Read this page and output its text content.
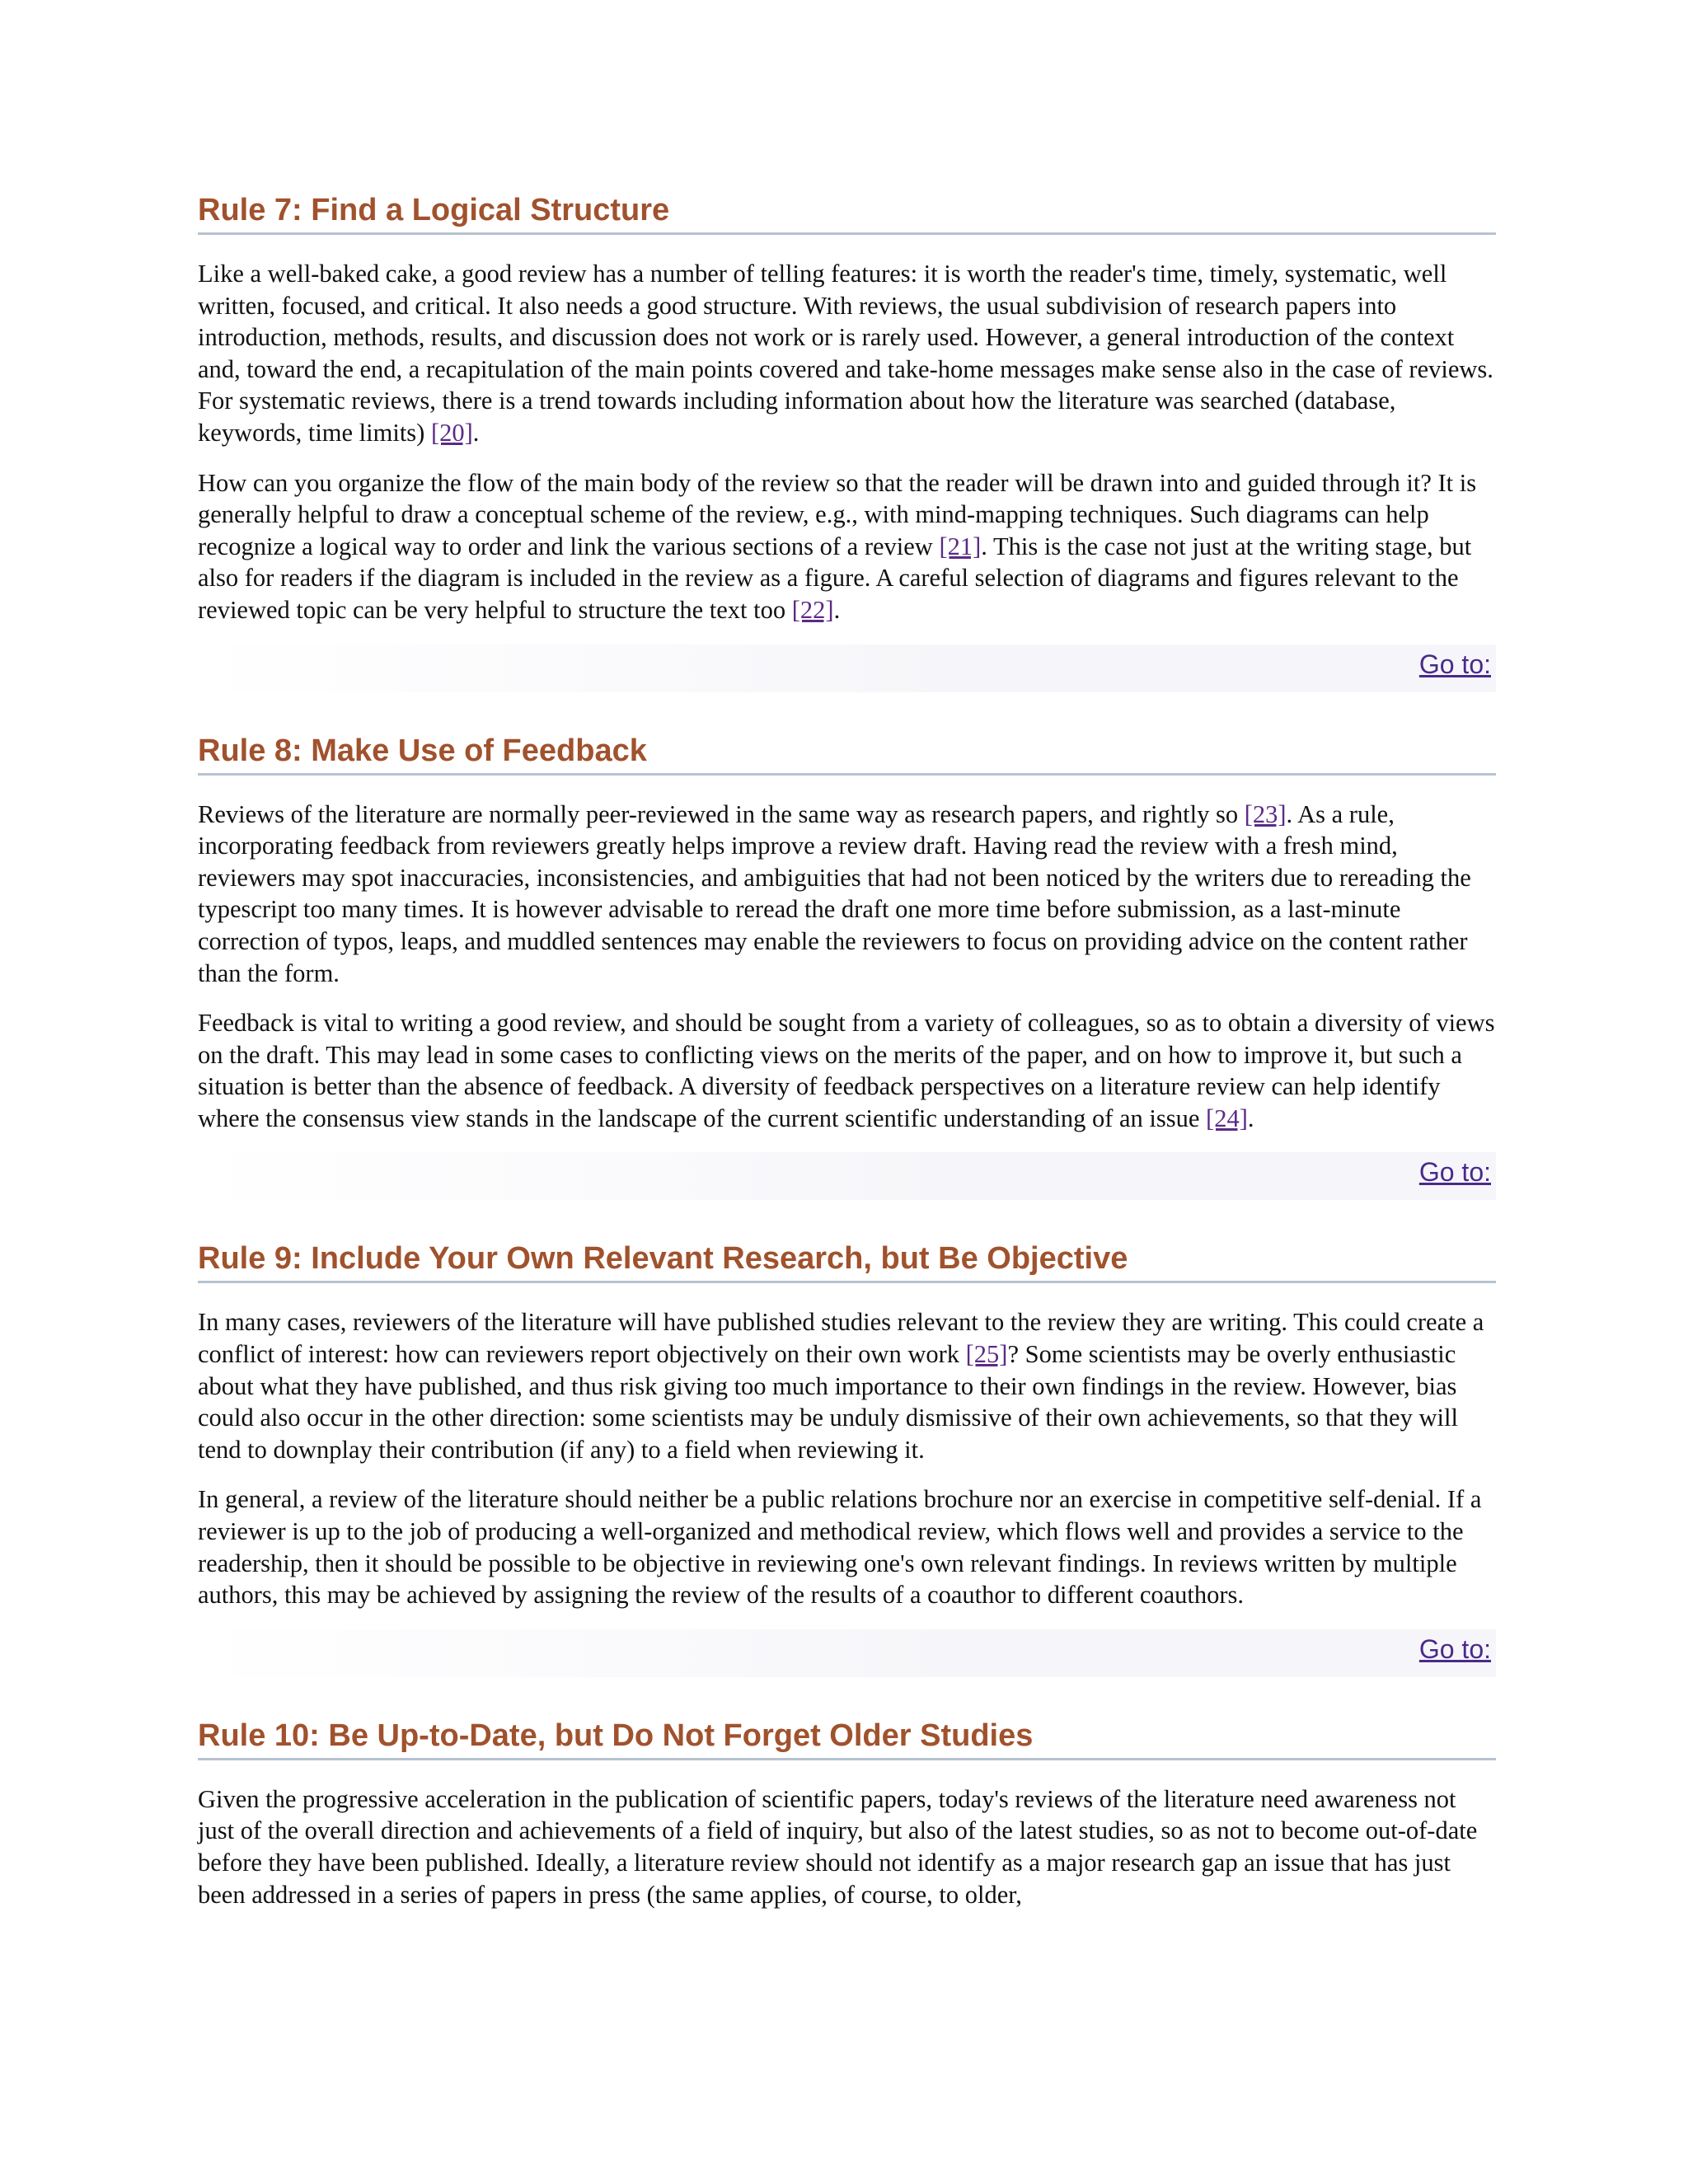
Rule 7: Find a Logical Structure

Like a well-baked cake, a good review has a number of telling features: it is worth the reader's time, timely, systematic, well written, focused, and critical. It also needs a good structure. With reviews, the usual subdivision of research papers into introduction, methods, results, and discussion does not work or is rarely used. However, a general introduction of the context and, toward the end, a recapitulation of the main points covered and take-home messages make sense also in the case of reviews. For systematic reviews, there is a trend towards including information about how the literature was searched (database, keywords, time limits) [20].

How can you organize the flow of the main body of the review so that the reader will be drawn into and guided through it? It is generally helpful to draw a conceptual scheme of the review, e.g., with mind-mapping techniques. Such diagrams can help recognize a logical way to order and link the various sections of a review [21]. This is the case not just at the writing stage, but also for readers if the diagram is included in the review as a figure. A careful selection of diagrams and figures relevant to the reviewed topic can be very helpful to structure the text too [22].

Go to:
Rule 8: Make Use of Feedback

Reviews of the literature are normally peer-reviewed in the same way as research papers, and rightly so [23]. As a rule, incorporating feedback from reviewers greatly helps improve a review draft. Having read the review with a fresh mind, reviewers may spot inaccuracies, inconsistencies, and ambiguities that had not been noticed by the writers due to rereading the typescript too many times. It is however advisable to reread the draft one more time before submission, as a last-minute correction of typos, leaps, and muddled sentences may enable the reviewers to focus on providing advice on the content rather than the form.

Feedback is vital to writing a good review, and should be sought from a variety of colleagues, so as to obtain a diversity of views on the draft. This may lead in some cases to conflicting views on the merits of the paper, and on how to improve it, but such a situation is better than the absence of feedback. A diversity of feedback perspectives on a literature review can help identify where the consensus view stands in the landscape of the current scientific understanding of an issue [24].

Go to:
Rule 9: Include Your Own Relevant Research, but Be Objective

In many cases, reviewers of the literature will have published studies relevant to the review they are writing. This could create a conflict of interest: how can reviewers report objectively on their own work [25]? Some scientists may be overly enthusiastic about what they have published, and thus risk giving too much importance to their own findings in the review. However, bias could also occur in the other direction: some scientists may be unduly dismissive of their own achievements, so that they will tend to downplay their contribution (if any) to a field when reviewing it.

In general, a review of the literature should neither be a public relations brochure nor an exercise in competitive self-denial. If a reviewer is up to the job of producing a well-organized and methodical review, which flows well and provides a service to the readership, then it should be possible to be objective in reviewing one's own relevant findings. In reviews written by multiple authors, this may be achieved by assigning the review of the results of a coauthor to different coauthors.

Go to:
Rule 10: Be Up-to-Date, but Do Not Forget Older Studies

Given the progressive acceleration in the publication of scientific papers, today's reviews of the literature need awareness not just of the overall direction and achievements of a field of inquiry, but also of the latest studies, so as not to become out-of-date before they have been published. Ideally, a literature review should not identify as a major research gap an issue that has just been addressed in a series of papers in press (the same applies, of course, to older,
